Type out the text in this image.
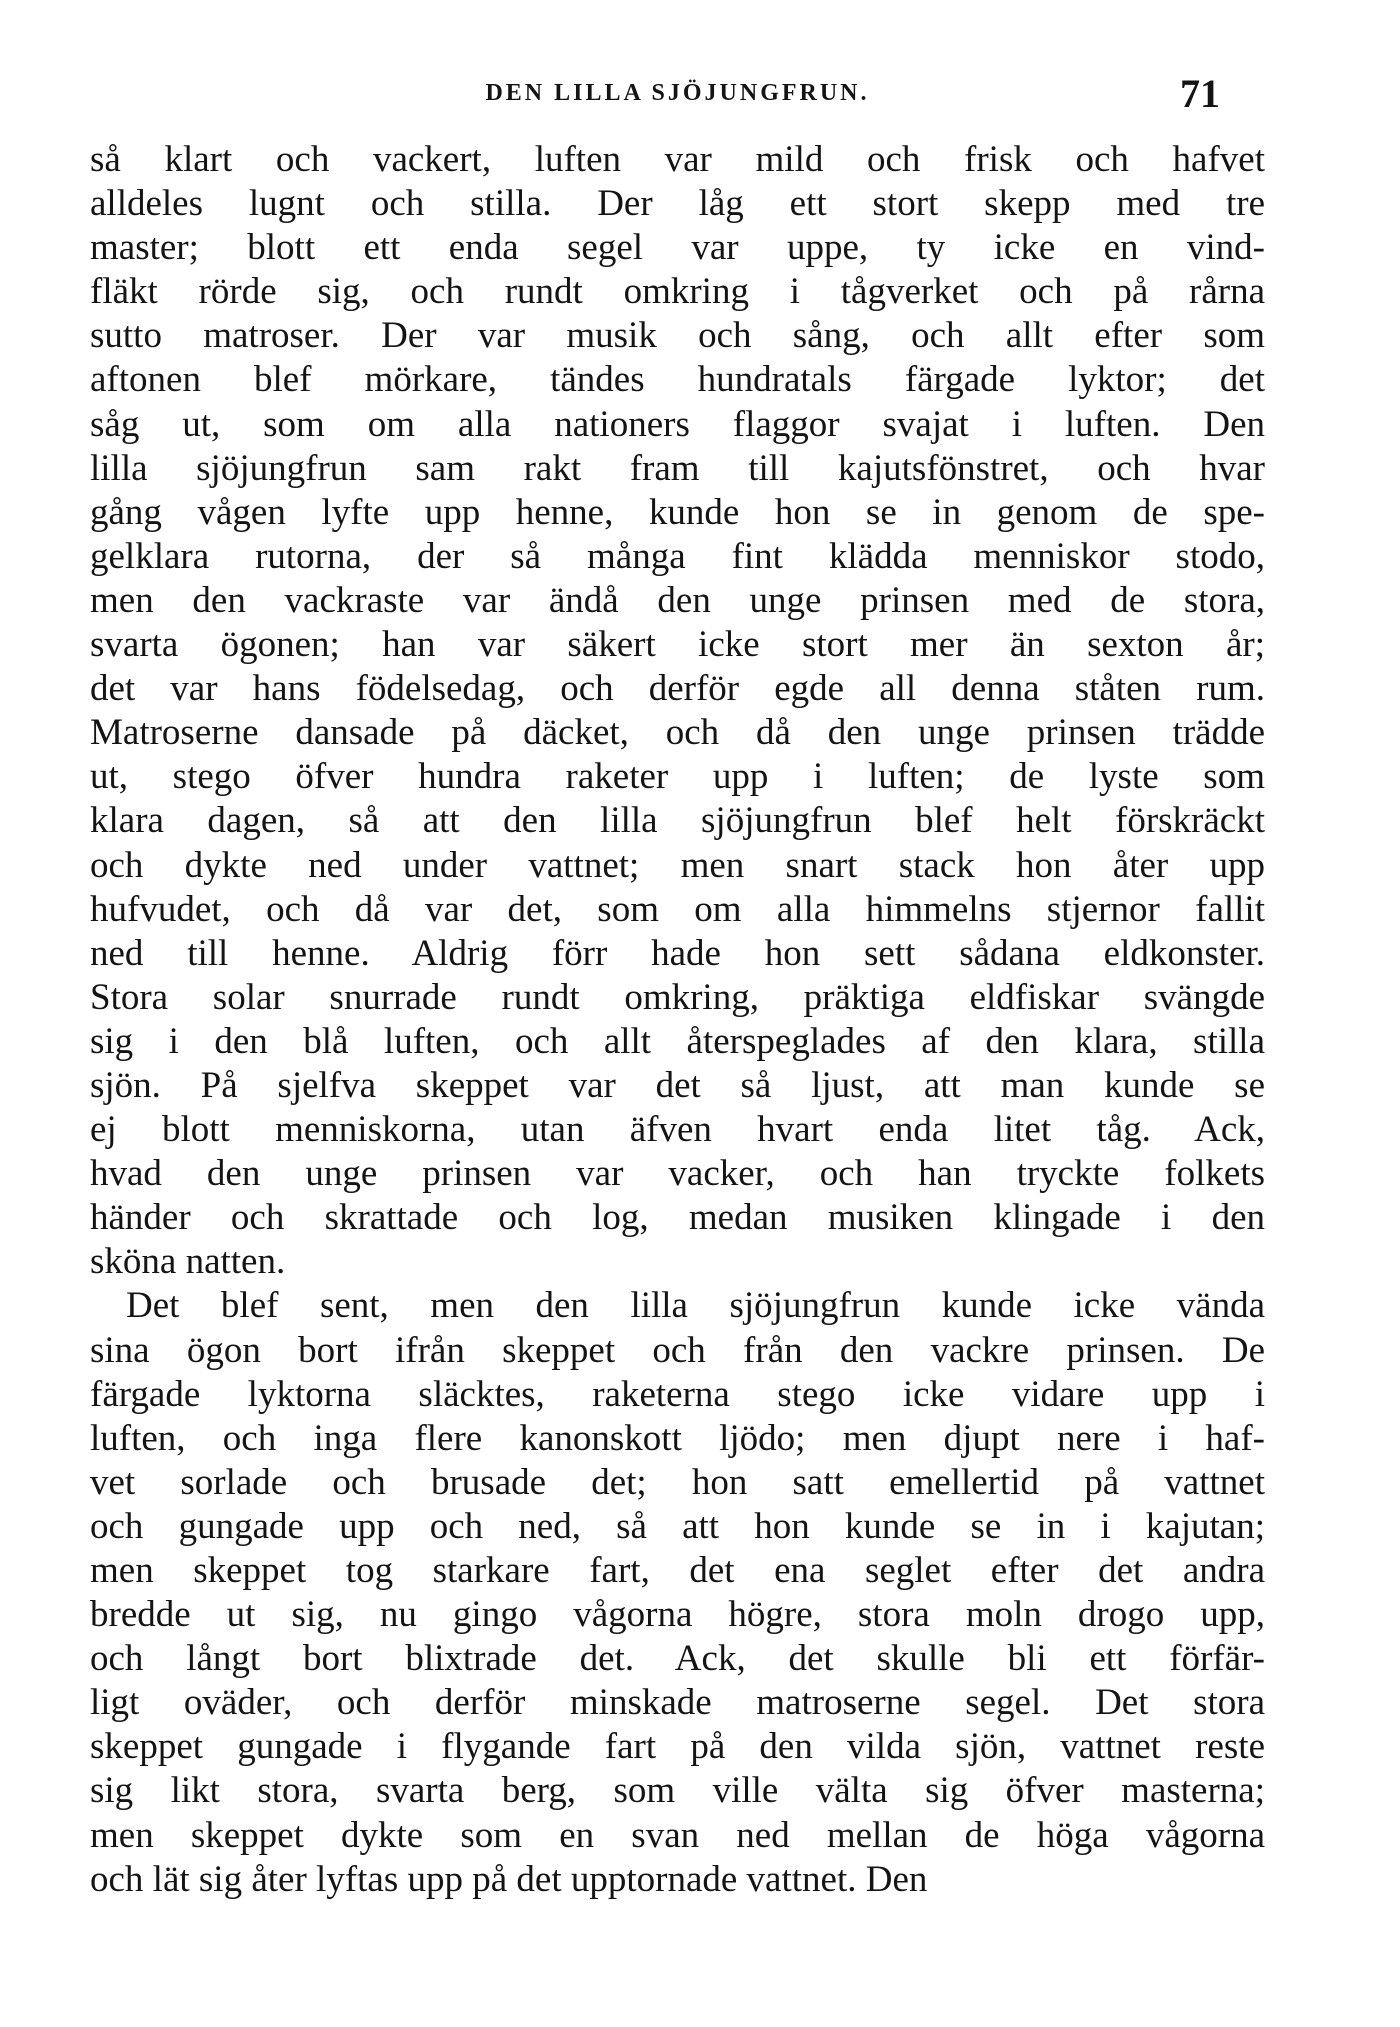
DEN LILLA SJÖJUNGFRUN.	71
så klart och vackert, luften var mild och frisk och hafvet
alldeles lugnt och stilla. Der låg ett stort skepp med tre
master; blott ett enda segel var uppe, ty icke en vind-
fläkt rörde sig, och rundt omkring i tågverket och på rårna
sutto matroser. Der var musik och sång, och allt efter som
aftonen blef mörkare, tändes hundratals färgade lyktor; det
såg ut, som om alla nationers flaggor svajat i luften. Den
lilla sjöjungfrun sam rakt fram till kajutsfönstret, och hvar
gång vågen lyfte upp henne, kunde hon se in genom de spe-
gelklara rutorna, der så många fint klädda menniskor stodo,
men den vackraste var ändå den unge prinsen med de stora,
svarta ögonen; han var säkert icke stort mer än sexton år;
det var hans födelsedag, och derför egde all denna ståten rum.
Matroserne dansade på däcket, och då den unge prinsen trädde
ut, stego öfver hundra raketer upp i luften; de lyste som
klara dagen, så att den lilla sjöjungfrun blef helt förskräckt
och dykte ned under vattnet; men snart stack hon åter upp
hufvudet, och då var det, som om alla himmelns stjernor fallit
ned till henne. Aldrig förr hade hon sett sådana eldkonster.
Stora solar snurrade rundt omkring, präktiga eldfiskar svängde
sig i den blå luften, och allt återspeglades af den klara, stilla
sjön. På sjelfva skeppet var det så ljust, att man kunde se
ej blott menniskorna, utan äfven hvart enda litet tåg. Ack,
hvad den unge prinsen var vacker, och han tryckte folkets
händer och skrattade och log, medan musiken klingade i den
sköna natten.
Det blef sent, men den lilla sjöjungfrun kunde icke vända
sina ögon bort ifrån skeppet och från den vackre prinsen. De
färgade lyktorna släcktes, raketerna stego icke vidare upp i
luften, och inga flere kanonskott ljödo; men djupt nere i haf-
vet sorlade och brusade det; hon satt emellertid på vattnet
och gungade upp och ned, så att hon kunde se in i kajutan;
men skeppet tog starkare fart, det ena seglet efter det andra
bredde ut sig, nu gingo vågorna högre, stora moln drogo upp,
och långt bort blixtrade det. Ack, det skulle bli ett förfär-
ligt oväder, och derför minskade matroserne segel. Det stora
skeppet gungade i flygande fart på den vilda sjön, vattnet reste
sig likt stora, svarta berg, som ville välta sig öfver masterna;
men skeppet dykte som en svan ned mellan de höga vågorna
och lät sig åter lyftas upp på det upptornade vattnet. Den
